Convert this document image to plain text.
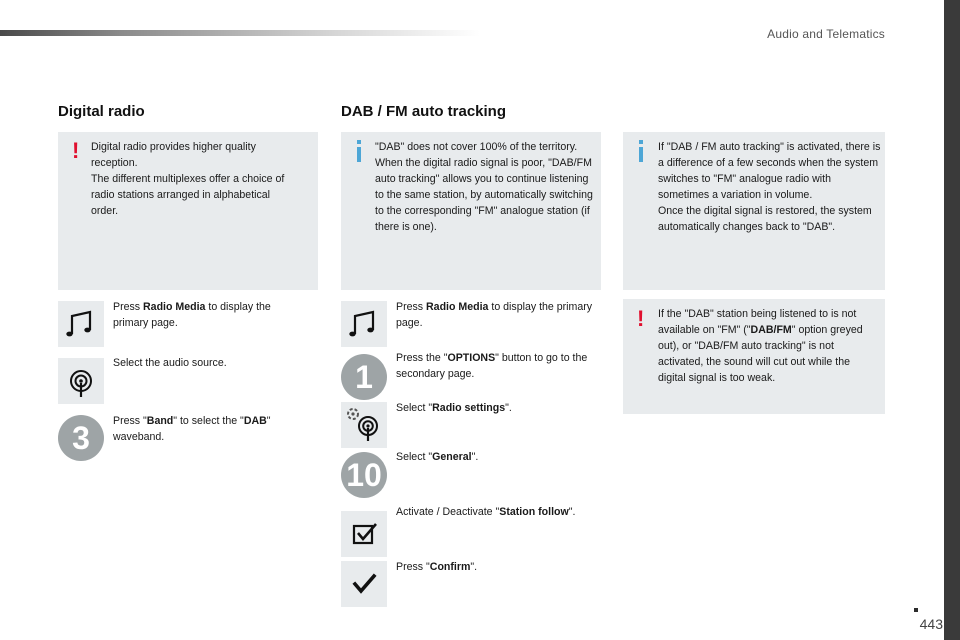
Audio and Telematics
Digital radio
! Digital radio provides higher quality reception.
The different multiplexes offer a choice of radio stations arranged in alphabetical order.
Press Radio Media to display the primary page.
Select the audio source.
3	Press "Band" to select the "DAB" waveband.
DAB / FM auto tracking
"DAB" does not cover 100% of the territory.
When the digital radio signal is poor, "DAB/FM auto tracking" allows you to continue listening to the same station, by automatically switching to the corresponding "FM" analogue station (if there is one).
Press Radio Media to display the primary page.
1
Press the "OPTIONS" button to go to the secondary page.
Select "Radio settings".
10	Select "General".
Activate / Deactivate "Station follow".
Press "Confirm".
If "DAB / FM auto tracking" is activated, there is a difference of a few seconds when the system switches to "FM" analogue radio with sometimes a variation in volume.
Once the digital signal is restored, the system automatically changes back to "DAB".
! If the "DAB" station being listened to is not available on "FM" ("DAB/FM" option greyed out), or "DAB/FM auto tracking" is not activated, the sound will cut out while the digital signal is too weak.
443
